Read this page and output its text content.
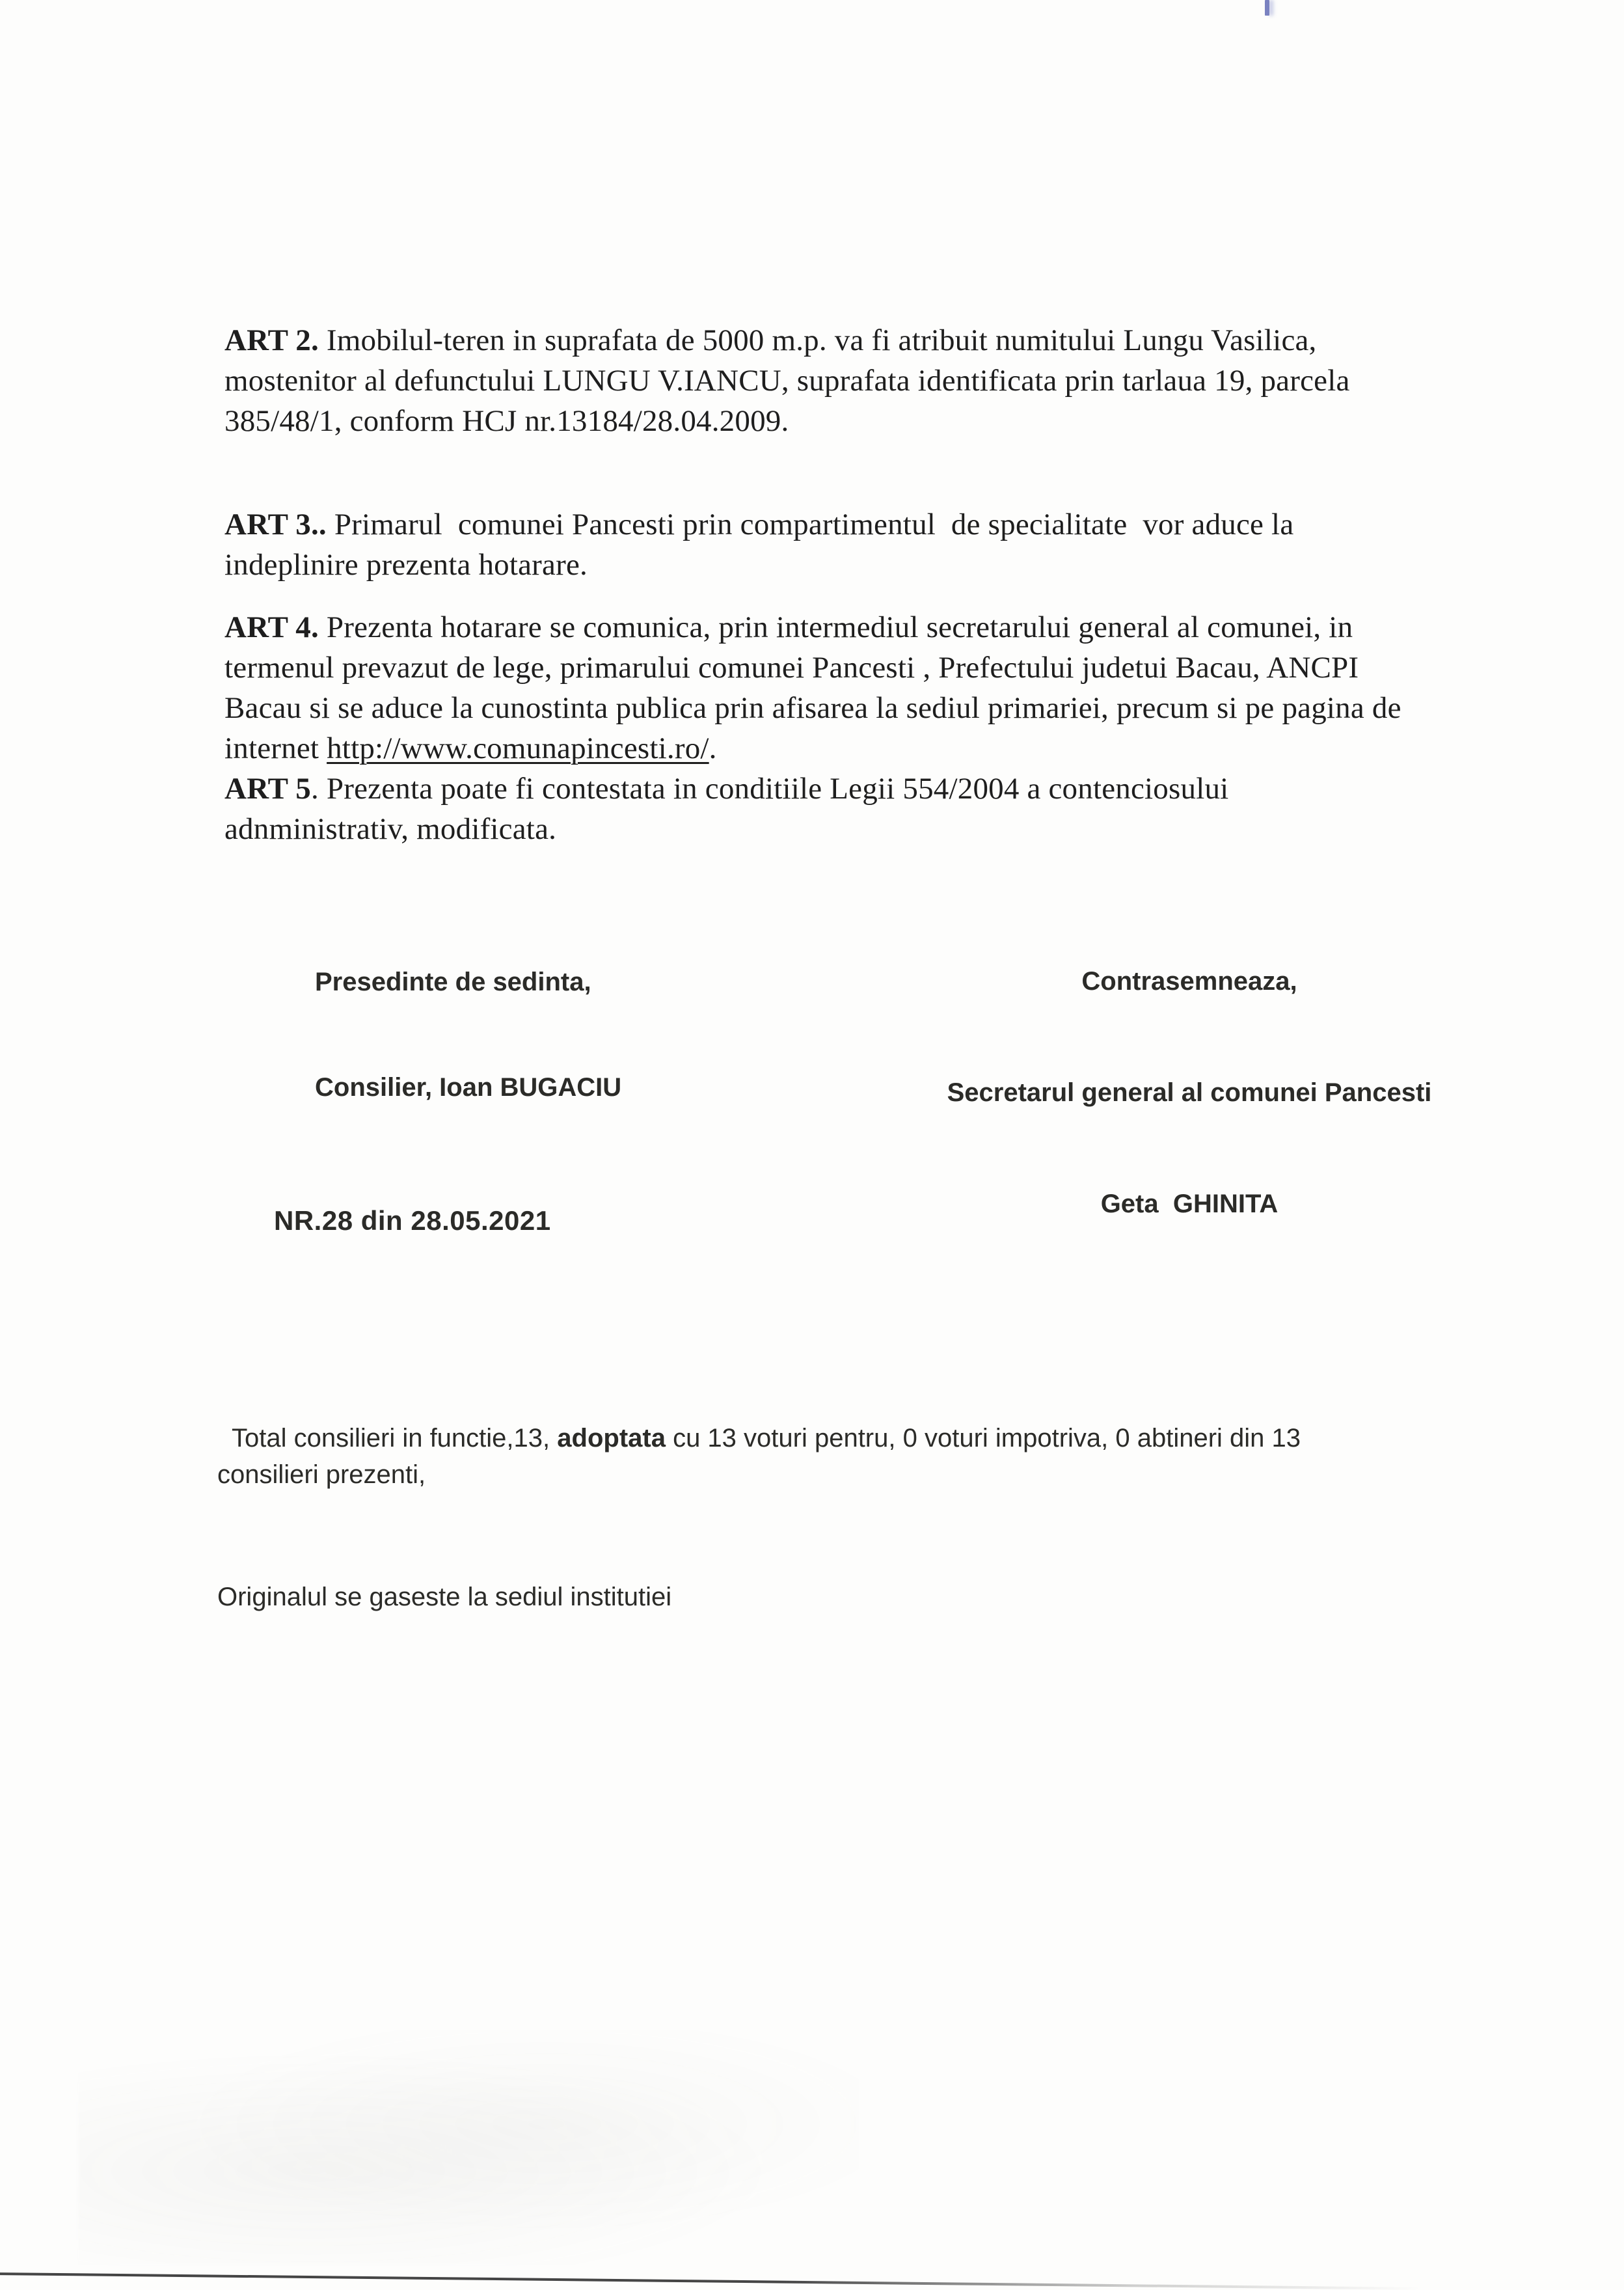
ART 2. Imobilul-teren in suprafata de 5000 m.p. va fi atribuit numitului Lungu Vasilica, mostenitor al defunctului LUNGU V.IANCU, suprafata identificata prin tarlaua 19, parcela 385/48/1, conform HCJ nr.13184/28.04.2009.

ART 3.. Primarul  comunei Pancesti prin compartimentul  de specialitate  vor aduce la indeplinire prezenta hotarare.

ART 4. Prezenta hotarare se comunica, prin intermediul secretarului general al comunei, in termenul prevazut de lege, primarului comunei Pancesti , Prefectului judetui Bacau, ANCPI Bacau si se aduce la cunostinta publica prin afisarea la sediul primariei, precum si pe pagina de internet http://www.comunapincesti.ro/.

ART 5. Prezenta poate fi contestata in conditiile Legii 554/2004 a contenciosului adnministrativ, modificata.

Presedinte de sedinta,

Consilier, Ioan BUGACIU

Contrasemneaza,

Secretarul general al comunei Pancesti

Geta  GHINITA

NR.28 din 28.05.2021

Total consilieri in functie,13, adoptata cu 13 voturi pentru, 0 voturi impotriva, 0 abtineri din 13 consilieri prezenti,

Originalul se gaseste la sediul institutiei
